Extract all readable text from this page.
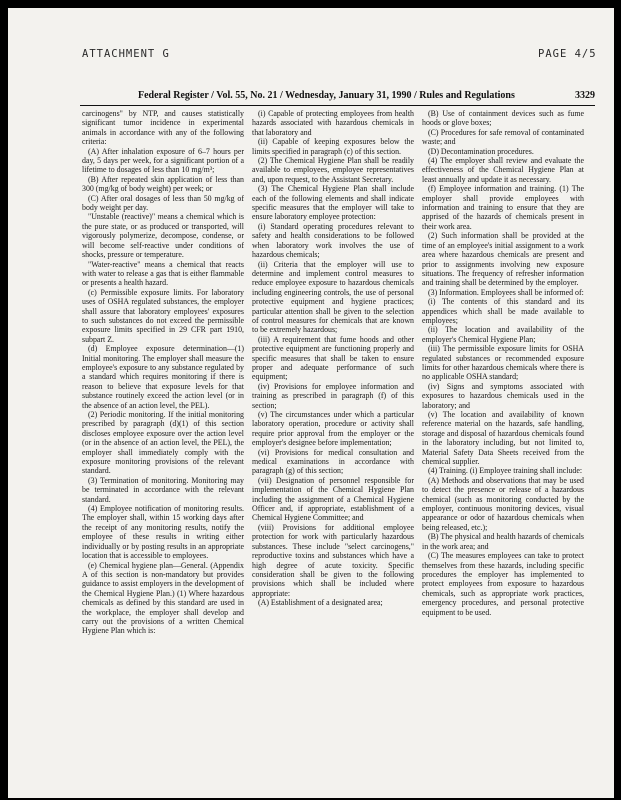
ATTACHMENT G	PAGE 4/5
Federal Register / Vol. 55, No. 21 / Wednesday, January 31, 1990 / Rules and Regulations	3329

carcinogens" by NTP, and causes statistically significant tumor incidence in experimental animals in accordance with any of the following criteria:

(A) After inhalation exposure of 6–7 hours per day, 5 days per week, for a significant portion of a lifetime to dosages of less than 10 mg/m³;

(B) After repeated skin application of less than 300 (mg/kg of body weight) per week; or

(C) After oral dosages of less than 50 mg/kg of body weight per day.

"Unstable (reactive)" means a chemical which is the pure state, or as produced or transported, will vigorously polymerize, decompose, condense, or will become self-reactive under conditions of shocks, pressure or temperature.

"Water-reactive" means a chemical that reacts with water to release a gas that is either flammable or presents a health hazard.

(c) Permissible exposure limits. For laboratory uses of OSHA regulated substances, the employer shall assure that laboratory employees' exposures to such substances do not exceed the permissible exposure limits specified in 29 CFR part 1910, subpart Z.

(d) Employee exposure determination—(1) Initial monitoring. The employer shall measure the employee's exposure to any substance regulated by a standard which requires monitoring if there is reason to believe that exposure levels for that substance routinely exceed the action level (or in the absence of an action level, the PEL).

(2) Periodic monitoring. If the initial monitoring prescribed by paragraph (d)(1) of this section discloses employee exposure over the action level (or in the absence of an action level, the PEL), the employer shall immediately comply with the exposure monitoring provisions of the relevant standard.

(3) Termination of monitoring. Monitoring may be terminated in accordance with the relevant standard.

(4) Employee notification of monitoring results. The employer shall, within 15 working days after the receipt of any monitoring results, notify the employee of these results in writing either individually or by posting results in an appropriate location that is accessible to employees.

(e) Chemical hygiene plan—General. (Appendix A of this section is non-mandatory but provides guidance to assist employers in the development of the Chemical Hygiene Plan.) (1) Where hazardous chemicals as defined by this standard are used in the workplace, the employer shall develop and carry out the provisions of a written Chemical Hygiene Plan which is:

(i) Capable of protecting employees from health hazards associated with hazardous chemicals in that laboratory and

(ii) Capable of keeping exposures below the limits specified in paragraph (c) of this section.

(2) The Chemical Hygiene Plan shall be readily available to employees, employee representatives and, upon request, to the Assistant Secretary.

(3) The Chemical Hygiene Plan shall include each of the following elements and shall indicate specific measures that the employer will take to ensure laboratory employee protection:

(i) Standard operating procedures relevant to safety and health considerations to be followed when laboratory work involves the use of hazardous chemicals;

(ii) Criteria that the employer will use to determine and implement control measures to reduce employee exposure to hazardous chemicals including engineering controls, the use of personal protective equipment and hygiene practices; particular attention shall be given to the selection of control measures for chemicals that are known to be extremely hazardous;

(iii) A requirement that fume hoods and other protective equipment are functioning properly and specific measures that shall be taken to ensure proper and adequate performance of such equipment;

(iv) Provisions for employee information and training as prescribed in paragraph (f) of this section;

(v) The circumstances under which a particular laboratory operation, procedure or activity shall require prior approval from the employer or the employer's designee before implementation;

(vi) Provisions for medical consultation and medical examinations in accordance with paragraph (g) of this section;

(vii) Designation of personnel responsible for implementation of the Chemical Hygiene Plan including the assignment of a Chemical Hygiene Officer and, if appropriate, establishment of a Chemical Hygiene Committee; and

(viii) Provisions for additional employee protection for work with particularly hazardous substances. These include "select carcinogens," reproductive toxins and substances which have a high degree of acute toxicity. Specific consideration shall be given to the following provisions which shall be included where appropriate:

(A) Establishment of a designated area;

(B) Use of containment devices such as fume hoods or glove boxes;

(C) Procedures for safe removal of contaminated waste; and

(D) Decontamination procedures.

(4) The employer shall review and evaluate the effectiveness of the Chemical Hygiene Plan at least annually and update it as necessary.

(f) Employee information and training. (1) The employer shall provide employees with information and training to ensure that they are apprised of the hazards of chemicals present in their work area.

(2) Such information shall be provided at the time of an employee's initial assignment to a work area where hazardous chemicals are present and prior to assignments involving new exposure situations. The frequency of refresher information and training shall be determined by the employer.

(3) Information. Employees shall be informed of:

(i) The contents of this standard and its appendices which shall be made available to employees;

(ii) The location and availability of the employer's Chemical Hygiene Plan;

(iii) The permissible exposure limits for OSHA regulated substances or recommended exposure limits for other hazardous chemicals where there is no applicable OSHA standard;

(iv) Signs and symptoms associated with exposures to hazardous chemicals used in the laboratory; and

(v) The location and availability of known reference material on the hazards, safe handling, storage and disposal of hazardous chemicals found in the laboratory including, but not limited to, Material Safety Data Sheets received from the chemical supplier.

(4) Training. (i) Employee training shall include:

(A) Methods and observations that may be used to detect the presence or release of a hazardous chemical (such as monitoring conducted by the employer, continuous monitoring devices, visual appearance or odor of hazardous chemicals when being released, etc.);

(B) The physical and health hazards of chemicals in the work area; and

(C) The measures employees can take to protect themselves from these hazards, including specific procedures the employer has implemented to protect employees from exposure to hazardous chemicals, such as appropriate work practices, emergency procedures, and personal protective equipment to be used.
